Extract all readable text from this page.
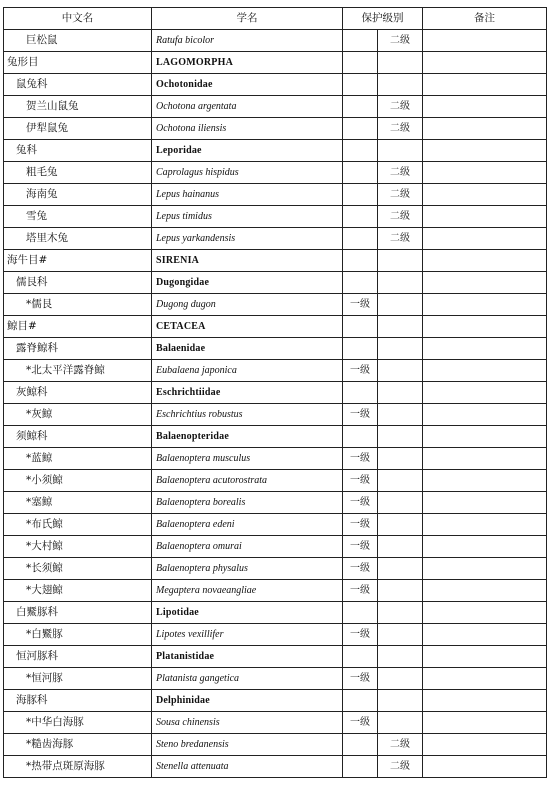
中文名	学名	保护级别		备注
巨松鼠	Ratufa bicolor		二级	
兔形目	LAGOMORPHA			
鼠兔科	Ochotonidae			
贺兰山鼠兔	Ochotona argentata		二级	
伊犁鼠兔	Ochotona iliensis		二级	
兔科	Leporidae			
粗毛兔	Caprolagus hispidus		二级	
海南兔	Lepus hainanus		二级	
雪兔	Lepus timidus		二级	
塔里木兔	Lepus yarkandensis		二级	
海牛目#	SIRENIA			
儒艮科	Dugongidae			
*儒艮	Dugong dugon	一级		
鲸目#	CETACEA			
露脊鲸科	Balaenidae			
*北太平洋露脊鲸	Eubalaena japonica	一级		
灰鲸科	Eschrichtiidae			
*灰鲸	Eschrichtius robustus	一级		
须鲸科	Balaenopteridae			
*蓝鲸	Balaenoptera musculus	一级		
*小须鲸	Balaenoptera acutorostrata	一级		
*塞鲸	Balaenoptera borealis	一级		
*布氏鲸	Balaenoptera edeni	一级		
*大村鲸	Balaenoptera omurai	一级		
*长须鲸	Balaenoptera physalus	一级		
*大翅鲸	Megaptera novaeangliae	一级		
白鱀豚科	Lipotidae			
*白鱀豚	Lipotes vexillifer	一级		
恒河豚科	Platanistidae			
*恒河豚	Platanista gangetica	一级		
海豚科	Delphinidae			
*中华白海豚	Sousa chinensis	一级		
*糙齿海豚	Steno bredanensis		二级	
*热带点斑原海豚	Stenella attenuata		二级	
